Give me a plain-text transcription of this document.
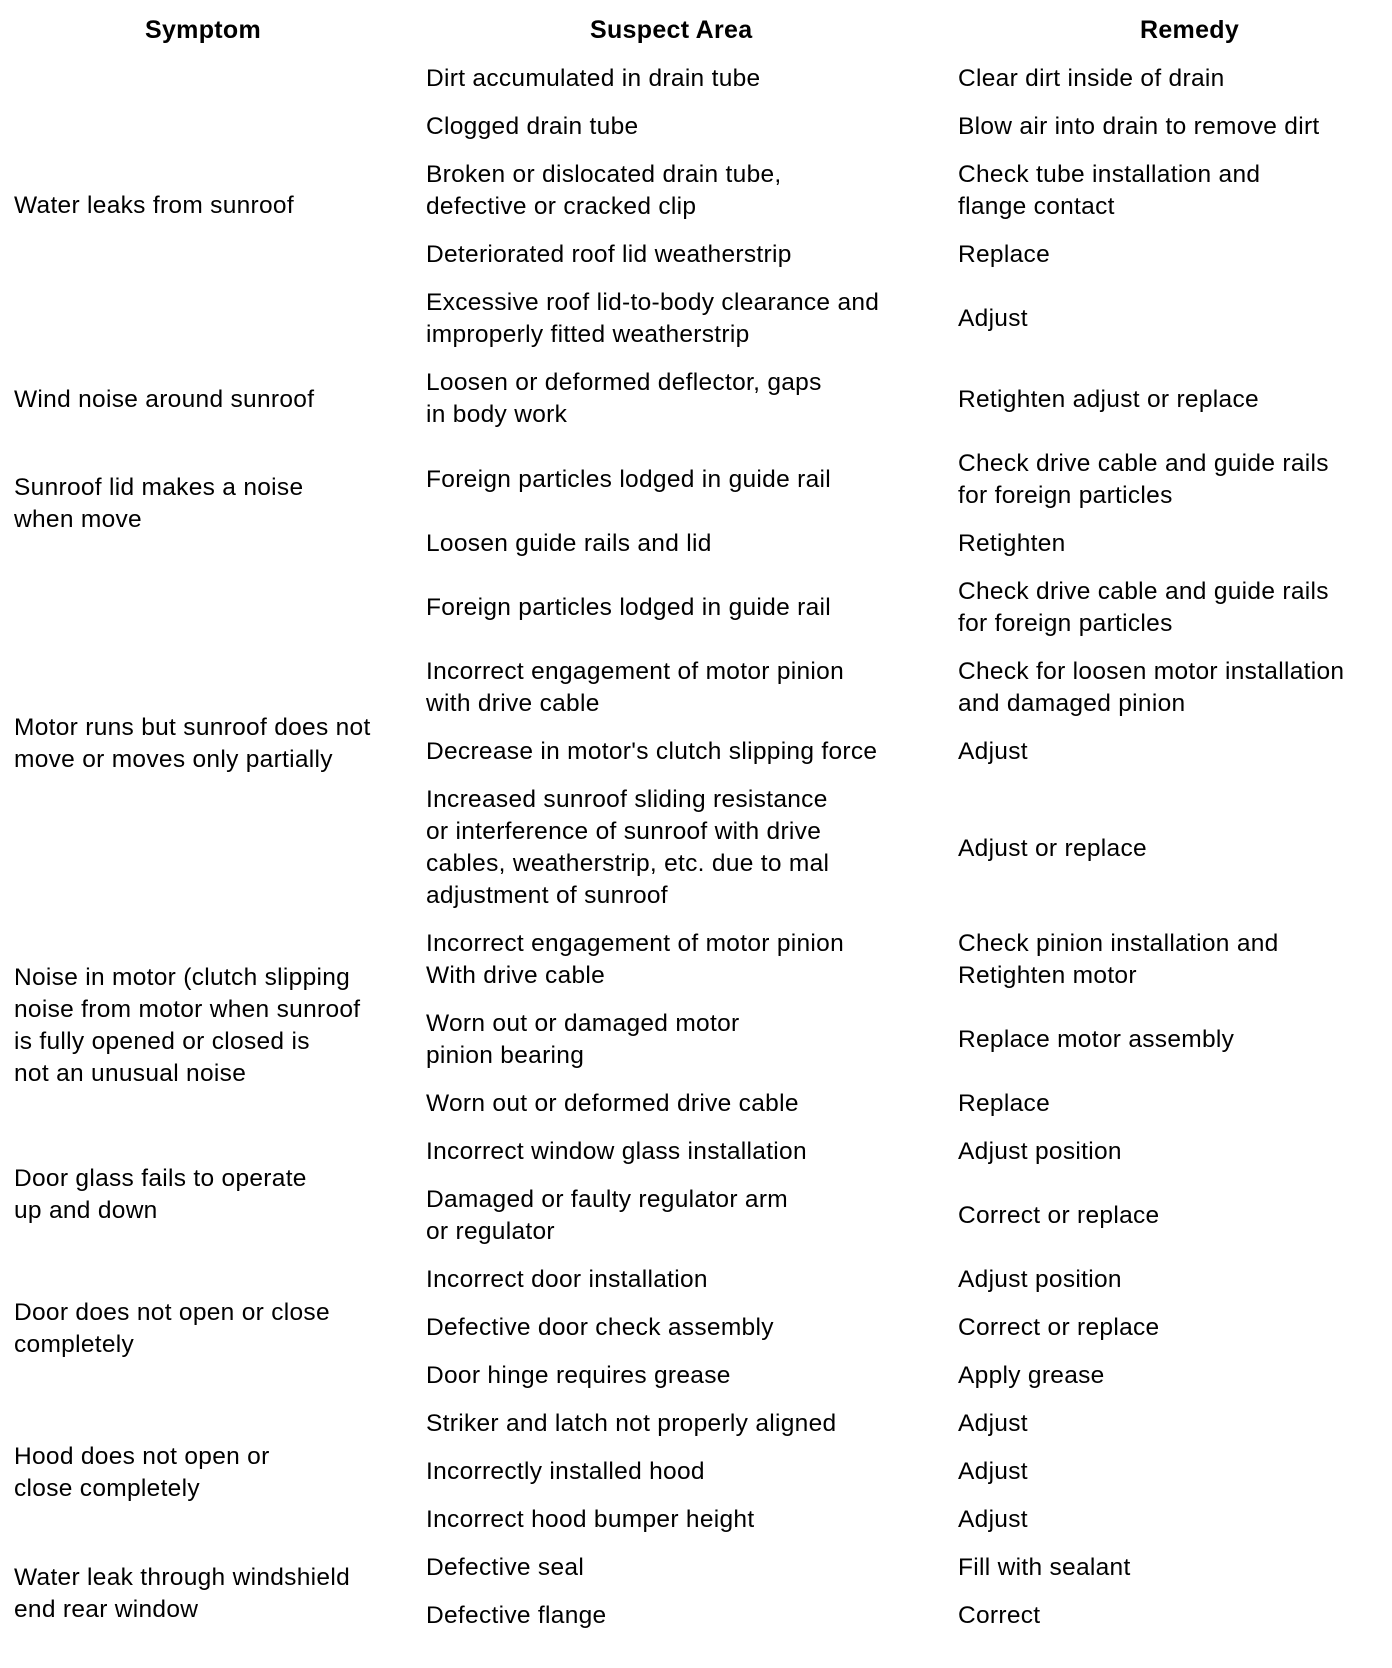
Symptom	Suspect Area	Remedy
Water leaks from sunroof
Wind noise around sunroof
Sunroof lid makes a noise
when move
Motor runs but sunroof does not
move or moves only partially
Noise in motor (clutch slipping
noise from motor when sunroof
is fully opened or closed is
not an unusual noise
Door glass fails to operate
up and down
Door does not open or close
completely
Hood does not open or
close completely
Water leak through windshield
end rear window
Dirt accumulated in drain tube
Clogged drain tube
Broken or dislocated drain tube,
defective or cracked clip
Deteriorated roof lid weatherstrip
Excessive roof lid-to-body clearance and
improperly fitted weatherstrip
Loosen or deformed deflector, gaps
in body work
Foreign particles lodged in guide rail
Loosen guide rails and lid
Foreign particles lodged in guide rail
Incorrect engagement of motor pinion
with drive cable
Decrease in motor's clutch slipping force
Increased sunroof sliding resistance
or interference of sunroof with drive
cables, weatherstrip, etc. due to mal
adjustment of sunroof
Incorrect engagement of motor pinion
With drive cable
Worn out or damaged motor
pinion bearing
Worn out or deformed drive cable
Incorrect window glass installation
Damaged or faulty regulator arm
or regulator
Incorrect door installation
Defective door check assembly
Door hinge requires grease
Striker and latch not properly aligned
Incorrectly installed hood
Incorrect hood bumper height
Defective seal
Defective flange
Clear dirt inside of drain
Blow air into drain to remove dirt
Check tube installation and
flange contact
Replace
Adjust
Retighten adjust or replace
Check drive cable and guide rails
for foreign particles
Retighten
Check drive cable and guide rails
for foreign particles
Check for loosen motor installation
and damaged pinion
Adjust
Adjust or replace
Check pinion installation and
Retighten motor
Replace motor assembly
Replace
Adjust position
Correct or replace
Adjust position
Correct or replace
Apply grease
Adjust
Adjust
Adjust
Fill with sealant
Correct
